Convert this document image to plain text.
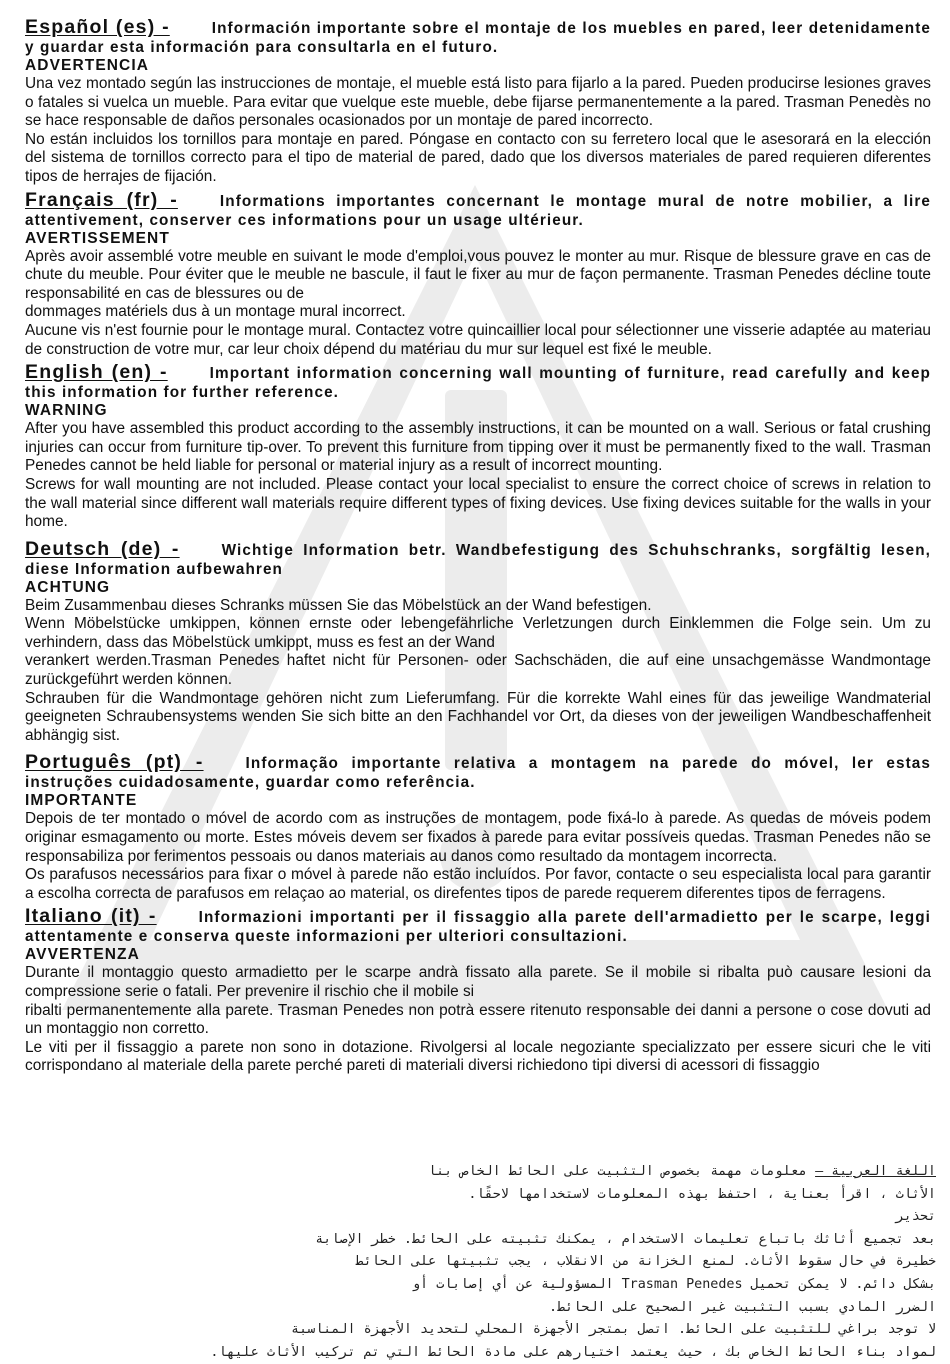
Español (es) -	Información importante sobre el montaje de los muebles en pared, leer detenidamente y guardar esta información para consultarla en el futuro.

ADVERTENCIA

Una vez montado según las instrucciones de montaje, el mueble está listo para fijarlo a la pared. Pueden producirse lesiones graves o fatales si vuelca un mueble. Para evitar que vuelque este mueble, debe fijarse permanentemente a la pared. Trasman Penedès no se hace responsable de daños personales ocasionados por un montaje de pared incorrecto.

No están incluidos los tornillos para montaje en pared. Póngase en contacto con su ferretero local que le asesorará en la elección del sistema de tornillos correcto para el tipo de material de pared, dado que los diversos materiales de pared requieren diferentes tipos de herrajes de fijación.

Français (fr) -	Informations importantes concernant le montage mural de notre mobilier, a lire attentivement, conserver ces informations pour un usage ultérieur.

AVERTISSEMENT

Après avoir assemblé votre meuble en suivant le mode d'emploi,vous pouvez le monter au mur. Risque de blessure grave en cas de chute du meuble. Pour éviter que le meuble ne bascule, il faut le fixer au mur de façon permanente. Trasman Penedes décline toute responsabilité en cas de blessures ou de

dommages matériels dus à un montage mural incorrect.

Aucune vis n'est fournie pour le montage mural. Contactez votre quincaillier local pour sélectionner une visserie adaptée au materiau de construction de votre mur, car leur choix dépend du matériau du mur sur lequel est fixé le meuble.

English (en) -	Important information concerning wall mounting of furniture, read carefully and keep this information for further reference.

WARNING

After you have assembled this product according to the assembly instructions, it can be mounted on a wall. Serious or fatal crushing injuries can occur from furniture tip-over. To prevent this furniture from tipping over it must be permanently fixed to the wall. Trasman Penedes cannot be held liable for personal or material injury as a result of incorrect mounting.

Screws for wall mounting are not included. Please contact your local specialist to ensure the correct choice of screws in relation to the wall material since different wall materials require different types of fixing devices. Use fixing devices suitable for the walls in your home.

Deutsch (de) -	Wichtige Information betr. Wandbefestigung des Schuhschranks, sorgfältig lesen, diese Information aufbewahren

ACHTUNG

Beim Zusammenbau dieses Schranks müssen Sie das Möbelstück an der Wand befestigen.

Wenn Möbelstücke umkippen, können ernste oder lebengefährliche Verletzungen durch Einklemmen die Folge sein. Um zu verhindern, dass das Möbelstück umkippt, muss es fest an der Wand

verankert werden.Trasman Penedes haftet nicht für Personen- oder Sachschäden, die auf eine unsachgemässe Wandmontage zurückgeführt werden können.

Schrauben für die Wandmontage gehören nicht zum Lieferumfang. Für die korrekte Wahl eines für das jeweilige Wandmaterial geeigneten Schraubensystems wenden Sie sich bitte an den Fachhandel vor Ort, da dieses von der jeweiligen Wandbeschaffenheit abhängig sist.

Português (pt) -	Informação importante relativa a montagem na parede do móvel, ler estas instruções cuidadosamente, guardar como referência.

IMPORTANTE

Depois de ter montado o móvel de acordo com as instruções de montagem, pode fixá-lo à parede. As quedas de móveis podem originar esmagamento ou morte. Estes móveis devem ser fixados à parede para evitar possíveis quedas. Trasman Penedes não se responsabiliza por ferimentos pessoais ou danos materiais au danos como resultado da montagem incorrecta.

Os parafusos necessários para fixar o móvel à parede não estão incluídos. Por favor, contacte o seu especialista local para garantir a escolha correcta de parafusos em relaçao ao material, os direfentes tipos de parede requerem diferentes tipos de ferragens.

Italiano (it) -	Informazioni importanti per il fissaggio alla parete dell'armadietto per le scarpe, leggi attentamente e conserva queste informazioni per ulteriori consultazioni.

AVVERTENZA

Durante il montaggio questo armadietto per le scarpe andrà fissato alla parete. Se il mobile si ribalta può causare lesioni da compressione serie o fatali. Per prevenire il rischio che il mobile si

ribalti permanentemente alla parete. Trasman Penedes non potrà essere ritenuto responsable dei danni a persone o cose dovuti ad un montaggio non corretto.

Le viti per il fissaggio a parete non sono in dotazione. Rivolgersi al locale negoziante specializzato per essere sicuri che le viti corrispondano al materiale della parete perché pareti di materiali diversi richiedono tipi diversi di acessori di fissaggio

اللغة العربية – معلومات مهمة بخصوص التثبيت على الحائط الخاص بنا

الأثاث ، اقرأ بعناية ، احتفظ بهذه المعلومات لاستخدامها لاحقًا.

تحذير

بعد تجميع أثاثك باتباع تعليمات الاستخدام ، يمكنك تثبيته على الحائط. خطر الإصابة

خطيرة في حال سقوط الأثاث. لمنع الخزانة من الانقلاب ، يجب تثبيتها على الحائط

بشكل دائم. لا يمكن تحميل Trasman Penedes المسؤولية عن أي إصابات أو

الضرر المادي بسبب التثبيت غير الصحيح على الحائط.

لا توجد براغي للتثبيت على الحائط. اتصل بمتجر الأجهزة المحلي لتحديد الأجهزة المناسبة

لمواد بناء الحائط الخاص بك ، حيث يعتمد اختيارهم على مادة الحائط التي تم تركيب الأثاث عليها.
